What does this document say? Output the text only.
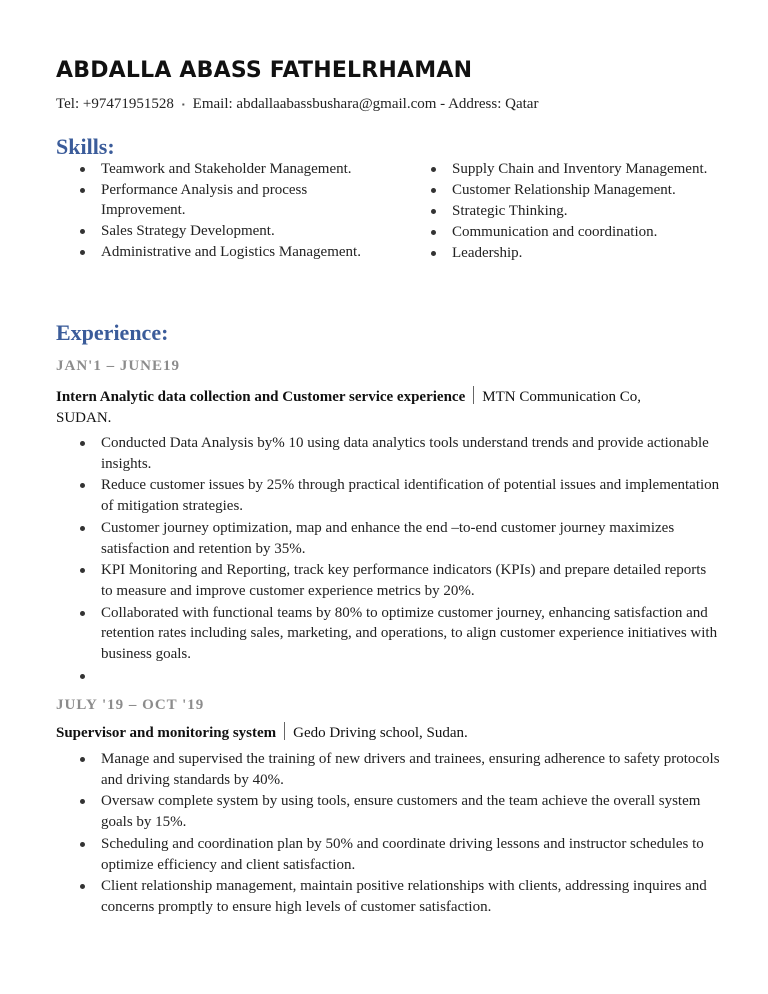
ABDALLA ABASS FATHELRHAMAN
Tel: +97471951528 ▪ Email: abdallaabassbushara@gmail.com - Address: Qatar
Skills:
Teamwork and Stakeholder Management.
Performance Analysis and process Improvement.
Sales Strategy Development.
Administrative and Logistics Management.
Supply Chain and Inventory Management.
Customer Relationship Management.
Strategic Thinking.
Communication and coordination.
Leadership.
Experience:
JAN'1 – JUNE19
Intern Analytic data collection and Customer service experience MTN Communication Co, SUDAN.
Conducted Data Analysis by% 10 using data analytics tools understand trends and provide actionable insights.
Reduce customer issues by 25% through practical identification of potential issues and implementation of mitigation strategies.
Customer journey optimization, map and enhance the end –to-end customer journey maximizes satisfaction and retention by 35%.
KPI Monitoring and Reporting, track key performance indicators (KPIs) and prepare detailed reports to measure and improve customer experience metrics by 20%.
Collaborated with functional teams by 80% to optimize customer journey, enhancing satisfaction and retention rates including sales, marketing, and operations, to align customer experience initiatives with business goals.
JULY '19 – OCT '19
Supervisor and monitoring system Gedo Driving school, Sudan.
Manage and supervised the training of new drivers and trainees, ensuring adherence to safety protocols and driving standards by 40%.
Oversaw complete system by using tools, ensure customers and the team achieve the overall system goals by 15%.
Scheduling and coordination plan by 50% and coordinate driving lessons and instructor schedules to optimize efficiency and client satisfaction.
Client relationship management, maintain positive relationships with clients, addressing inquires and concerns promptly to ensure high levels of customer satisfaction.
